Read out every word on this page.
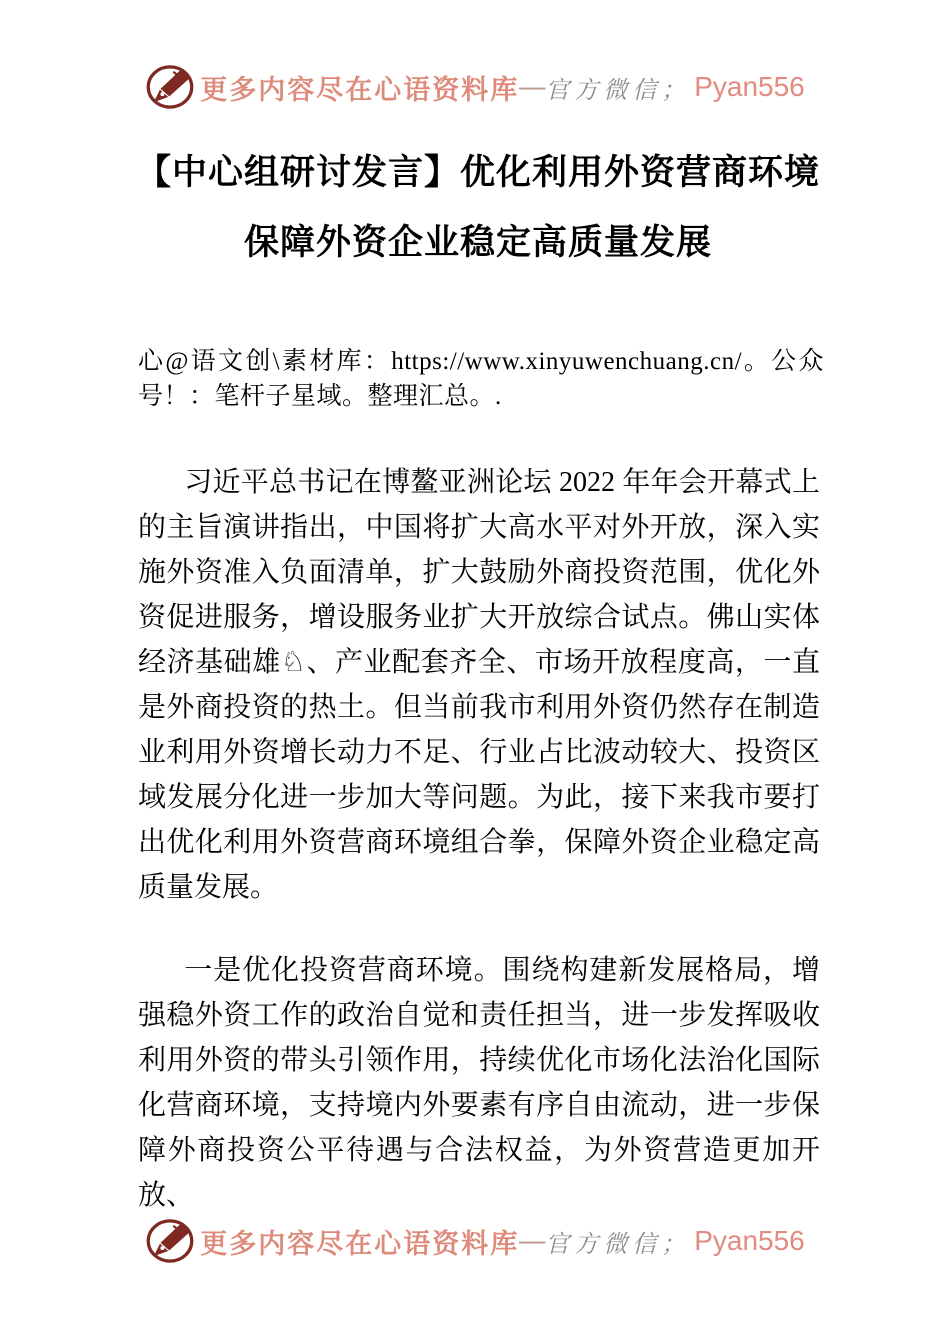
更多内容尽在心语资料库 — 官方微信； Pyan556
【中心组研讨发言】优化利用外资营商环境
保障外资企业稳定高质量发展

心@语文创\素材库：https://www.xinyuwenchuang.cn/。公众号！：笔杆子星域。整理汇总。.

习近平总书记在博鳌亚洲论坛 2022 年年会开幕式上的主旨演讲指出，中国将扩大高水平对外开放，深入实施外资准入负面清单，扩大鼓励外商投资范围，优化外资促进服务，增设服务业扩大开放综合试点。佛山实体经济基础雄♘、产业配套齐全、市场开放程度高，一直是外商投资的热土。但当前我市利用外资仍然存在制造业利用外资增长动力不足、行业占比波动较大、投资区域发展分化进一步加大等问题。为此，接下来我市要打出优化利用外资营商环境组合拳，保障外资企业稳定高质量发展。

一是优化投资营商环境。围绕构建新发展格局，增强稳外资工作的政治自觉和责任担当，进一步发挥吸收利用外资的带头引领作用，持续优化市场化法治化国际化营商环境，支持境内外要素有序自由流动，进一步保障外商投资公平待遇与合法权益，为外资营造更加开放、

更多内容尽在心语资料库 — 官方微信； Pyan556
